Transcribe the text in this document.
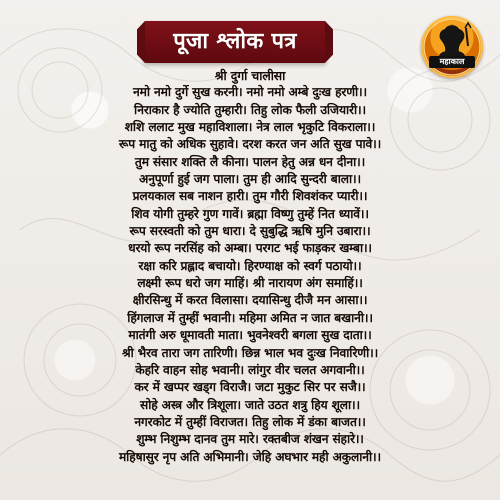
पूजा श्लोक पत्र
महाकाल
श्री दुर्गा चालीसा
नमो नमो दुर्गे सुख करनी। नमो नमो अम्बे दुःख हरणी।।
निराकार है ज्योति तुम्हारी। तिहु लोक फैली उजियारी।।
शशि ललाट मुख महाविशाला। नेत्र लाल भृकुटि विकराला।।
रूप मातु को अधिक सुहावे। दरश करत जन अति सुख पावे।।
तुम संसार शक्ति लै कीना। पालन हेतु अन्न धन दीना।।
अनुपूर्णा हुई जग पाला। तुम ही आदि सुन्दरी बाला।।
प्रलयकाल सब नाशन हारी। तुम गौरी शिवशंकर प्यारी।।
शिव योगी तुम्हरे गुण गावें। ब्रह्मा विष्णु तुम्हें नित ध्यावें।।
रूप सरस्वती को तुम धारा। दे सुबुद्धि ऋषि मुनि उबारा।।
धरयो रूप नरसिंह को अम्बा। परगट भई फाड़कर खम्बा।।
रक्षा करि प्रह्लाद बचायो। हिरण्याक्ष को स्वर्ग पठायो।।
लक्ष्मी रूप धरो जग माहिं। श्री नारायण अंग समाहिं।।
क्षीरसिन्धु में करत विलासा। दयासिन्धु दीजै मन आसा।।
हिंगलाज में तुम्हीं भवानी। महिमा अमित न जात बखानी।।
मातंगी अरु धूमावती माता। भुवनेश्वरी बगला सुख दाता।।
श्री भैरव तारा जग तारिणी। छिन्न भाल भव दुःख निवारिणी।।
केहरि वाहन सोह भवानी। लांगुर वीर चलत अगवानी।।
कर में खप्पर खड्ग विराजै। जटा मुकुट सिर पर सजै।।
सोहे अस्त्र और त्रिशूला। जाते उठत शत्रु हिय शूला।।
नगरकोट में तुम्हीं विराजत। तिहु लोक में डंका बाजत।।
शुम्भ निशुम्भ दानव तुम मारे। रक्तबीज शंखन संहारे।।
महिषासुर नृप अति अभिमानी। जेहि अघभार मही अकुलानी।।
